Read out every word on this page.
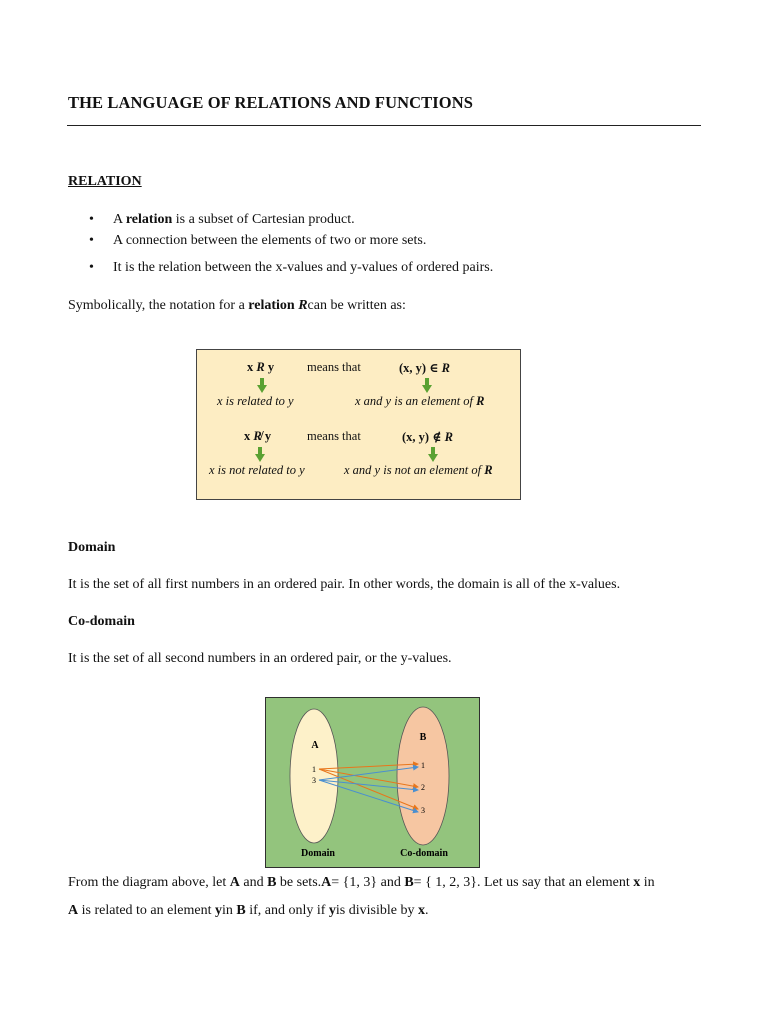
THE LANGUAGE OF RELATIONS AND FUNCTIONS
RELATION
• A relation is a subset of Cartesian product.
• A connection between the elements of two or more sets.
• It is the relation between the x-values and y-values of ordered pairs.
Symbolically, the notation for a relation Rcan be written as:
x R y	means that	(x, y) ∈ R
x is related to y	x and y is an element of R
x R̸ y	means that	(x, y) ∉ R
x is not related to y	x and y is not an element of R
Domain
It is the set of all first numbers in an ordered pair. In other words, the domain is all of the x-values.
Co-domain
It is the set of all second numbers in an ordered pair, or the y-values.
A
B
1
3
1
2
3
Domain	Co-domain
From the diagram above, let A and B be sets.A= {1, 3} and B= { 1, 2, 3}. Let us say that an element x in
A is related to an element yin B if, and only if yis divisible by x.
